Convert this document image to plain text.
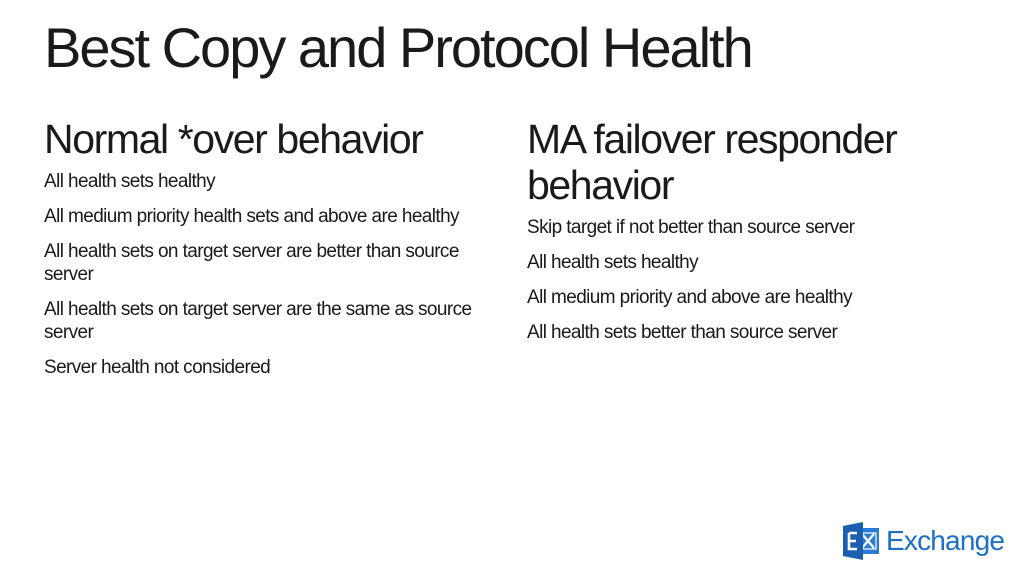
Best Copy and Protocol Health
Normal *over behavior
All health sets healthy
All medium priority health sets and above are healthy
All health sets on target server are better than source server
All health sets on target server are the same as source server
Server health not considered
MA failover responder behavior
Skip target if not better than source server
All health sets healthy
All medium priority and above are healthy
All health sets better than source server
Exchange
